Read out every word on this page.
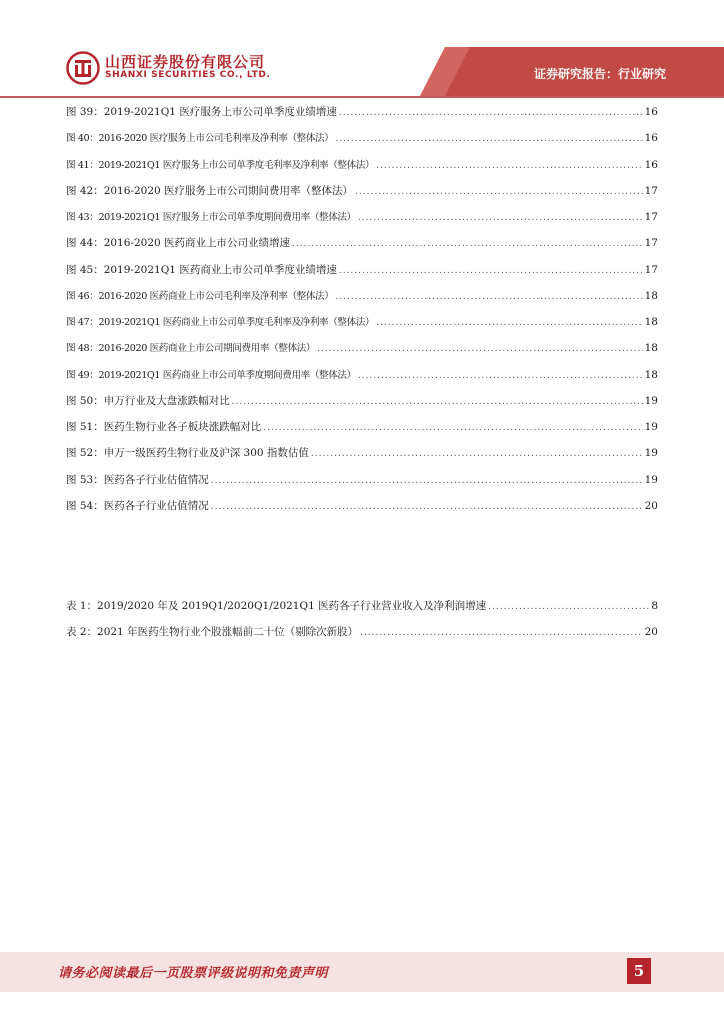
山西证券股份有限公司
SHANXI SECURITIES CO., LTD.	证券研究报告：行业研究
图 39：2019-2021Q1 医疗服务上市公司单季度业绩增速 .....	16
图 40：2016-2020 医疗服务上市公司毛利率及净利率（整体法） .....	16
图 41：2019-2021Q1 医疗服务上市公司单季度毛利率及净利率（整体法） .....	16
图 42：2016-2020 医疗服务上市公司期间费用率（整体法） .....	17
图 43：2019-2021Q1 医疗服务上市公司单季度期间费用率（整体法） .....	17
图 44：2016-2020 医药商业上市公司业绩增速 .....	17
图 45：2019-2021Q1 医药商业上市公司单季度业绩增速 .....	17
图 46：2016-2020 医药商业上市公司毛利率及净利率（整体法） .....	18
图 47：2019-2021Q1 医药商业上市公司单季度毛利率及净利率（整体法） .....	18
图 48：2016-2020 医药商业上市公司期间费用率（整体法） .....	18
图 49：2019-2021Q1 医药商业上市公司单季度期间费用率（整体法） .....	18
图 50：申万行业及大盘涨跌幅对比 .....	19
图 51：医药生物行业各子板块涨跌幅对比 .....	19
图 52：申万一级医药生物行业及沪深 300 指数估值 .....	19
图 53：医药各子行业估值情况 .....	19
图 54：医药各子行业估值情况 .....	20
表 1：2019/2020 年及 2019Q1/2020Q1/2021Q1 医药各子行业营业收入及净利润增速 .....	8
表 2：2021 年医药生物行业个股涨幅前二十位（剔除次新股） .....	20
请务必阅读最后一页股票评级说明和免责声明	5
